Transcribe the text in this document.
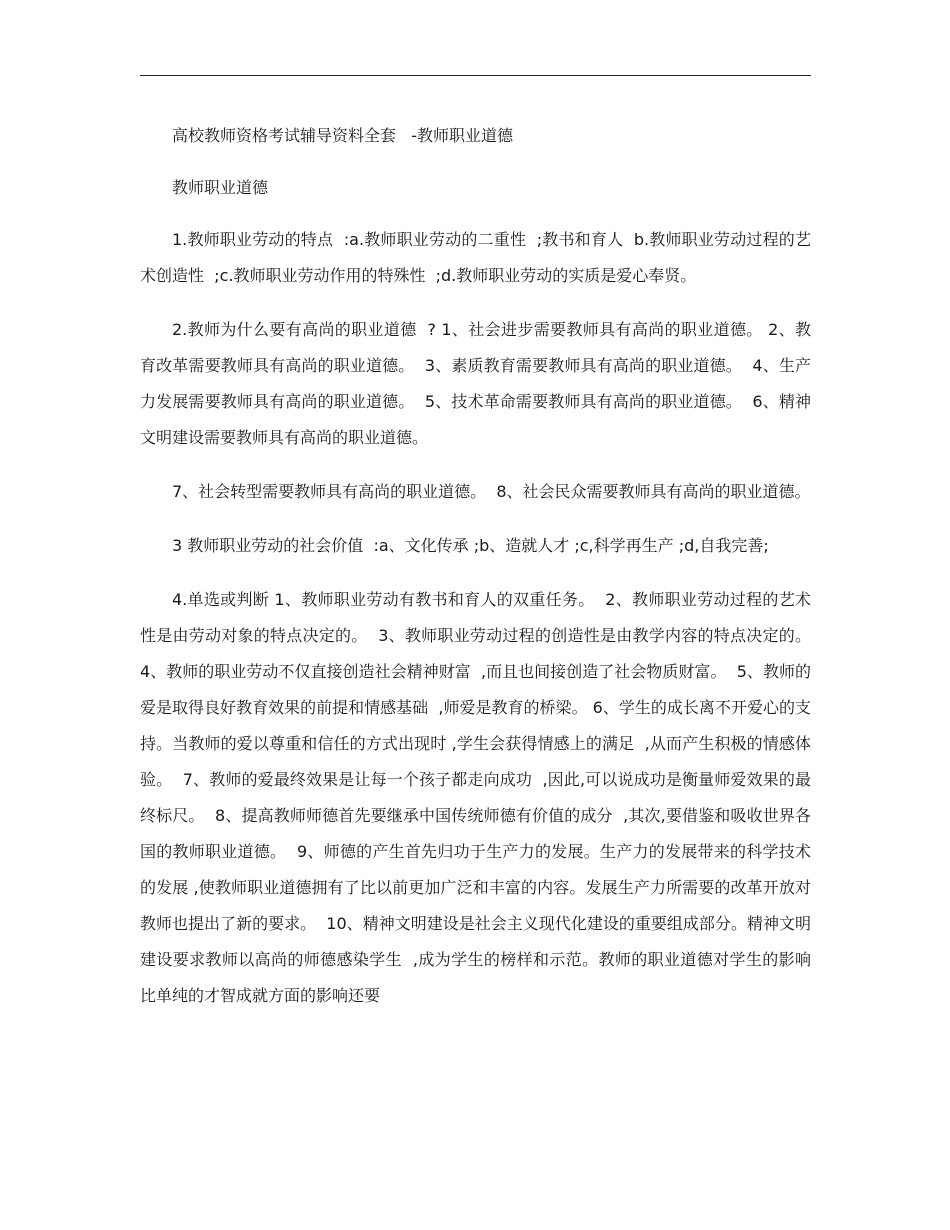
高校教师资格考试辅导资料全套   -教师职业道德

教师职业道德

1.教师职业劳动的特点  :a.教师职业劳动的二重性  ;教书和育人  b.教师职业劳动过程的艺术创造性  ;c.教师职业劳动作用的特殊性  ;d.教师职业劳动的实质是爱心奉贤。

2.教师为什么要有高尚的职业道德  ? 1、社会进步需要教师具有高尚的职业道德。 2、教育改革需要教师具有高尚的职业道德。  3、素质教育需要教师具有高尚的职业道德。  4、生产力发展需要教师具有高尚的职业道德。  5、技术革命需要教师具有高尚的职业道德。  6、精神文明建设需要教师具有高尚的职业道德。

7、社会转型需要教师具有高尚的职业道德。  8、社会民众需要教师具有高尚的职业道德。

3 教师职业劳动的社会价值  :a、文化传承 ;b、造就人才 ;c,科学再生产 ;d,自我完善;

4.单选或判断 1、教师职业劳动有教书和育人的双重任务。  2、教师职业劳动过程的艺术性是由劳动对象的特点决定的。  3、教师职业劳动过程的创造性是由教学内容的特点决定的。  4、教师的职业劳动不仅直接创造社会精神财富  ,而且也间接创造了社会物质财富。  5、教师的爱是取得良好教育效果的前提和情感基础  ,师爱是教育的桥梁。 6、学生的成长离不开爱心的支持。当教师的爱以尊重和信任的方式出现时 ,学生会获得情感上的满足  ,从而产生积极的情感体验。  7、教师的爱最终效果是让每一个孩子都走向成功  ,因此,可以说成功是衡量师爱效果的最终标尺。  8、提高教师师德首先要继承中国传统师德有价值的成分  ,其次,要借鉴和吸收世界各国的教师职业道德。  9、师德的产生首先归功于生产力的发展。生产力的发展带来的科学技术的发展 ,使教师职业道德拥有了比以前更加广泛和丰富的内容。发展生产力所需要的改革开放对教师也提出了新的要求。  10、精神文明建设是社会主义现代化建设的重要组成部分。精神文明建设要求教师以高尚的师德感染学生  ,成为学生的榜样和示范。教师的职业道德对学生的影响比单纯的才智成就方面的影响还要
